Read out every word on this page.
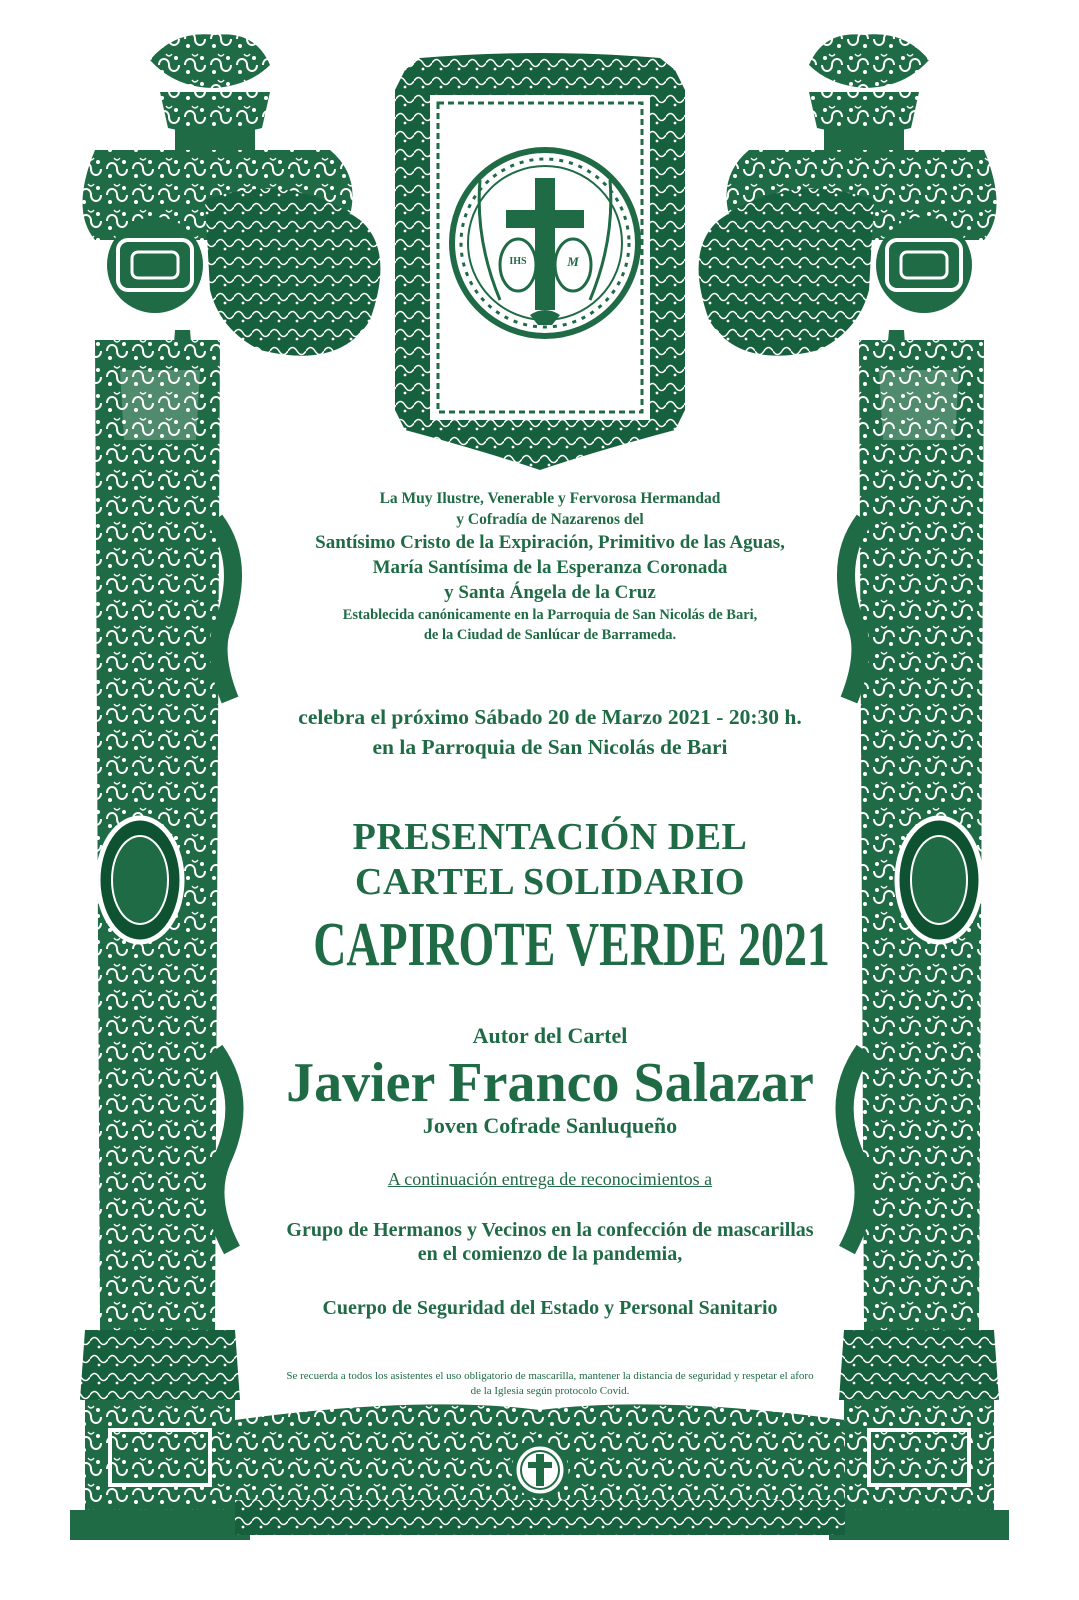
IHS	M
La Muy Ilustre, Venerable y Fervorosa Hermandad
y Cofradía de Nazarenos del
Santísimo Cristo de la Expiración, Primitivo de las Aguas,
María Santísima de la Esperanza Coronada
y Santa Ángela de la Cruz
Establecida canónicamente en la Parroquia de San Nicolás de Bari,
de la Ciudad de Sanlúcar de Barrameda.
celebra el próximo Sábado 20 de Marzo 2021 - 20:30 h.
en la Parroquia de San Nicolás de Bari
PRESENTACIÓN DEL
CARTEL SOLIDARIO
CAPIROTE VERDE 2021
Autor del Cartel
Javier Franco Salazar
Joven Cofrade Sanluqueño
A continuación entrega de reconocimientos a
Grupo de Hermanos y Vecinos en la confección de mascarillas
en el comienzo de la pandemia,
Cuerpo de Seguridad del Estado y Personal Sanitario
Se recuerda a todos los asistentes el uso obligatorio de mascarilla, mantener la distancia de seguridad y respetar el aforo
de la Iglesia según protocolo Covid.
